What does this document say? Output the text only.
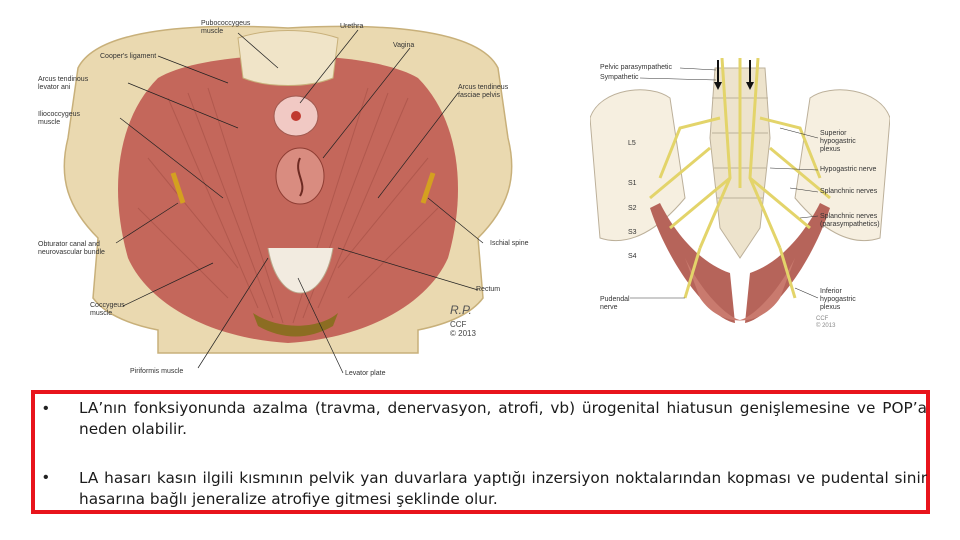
Pubococcygeus
muscle
Urethra
Cooper's ligament
Vagina
Arcus tendinous
levator ani	Arcus tendineus
fasciae pelvis
Iliococcygeus
muscle
Obturator canal and
neurovascular bundle
Ischial spine
Rectum
Coccygeus
muscle
Piriformis muscle	Levator plate
R.P.
CCF
© 2013
Pelvic parasympathetic
Sympathetic
L5
S1
S2
S3
S4
Superior
hypogastric
plexus
Hypogastric nerve
Splanchnic nerves
Splanchnic nerves
(parasympathetics)
Pudendal
nerve
Inferior
hypogastric
plexus
CCF
© 2013
• LA’nın fonksiyonunda azalma (travma, denervasyon, atrofi, vb) ürogenital hiatusun genişlemesine ve POP’a neden olabilir.
• LA hasarı kasın ilgili kısmının pelvik yan duvarlara yaptığı inzersiyon noktalarından kopması ve pudental sinir hasarına bağlı jeneralize atrofiye gitmesi şeklinde olur.
